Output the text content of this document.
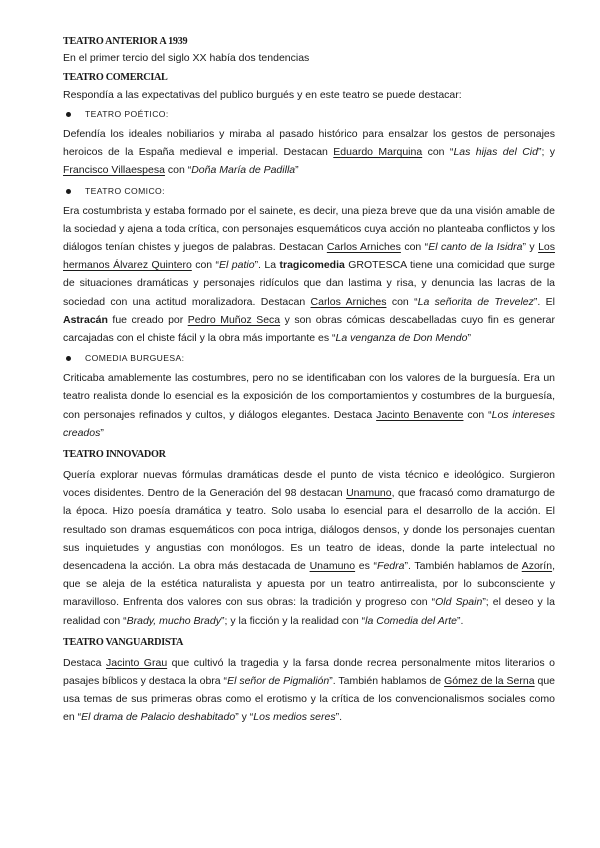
TEATRO ANTERIOR A 1939

En el primer tercio del siglo XX había dos tendencias

TEATRO COMERCIAL

Respondía a las expectativas del publico burgués y en este teatro se puede destacar:

TEATRO POÉTICO:

Defendía los ideales nobiliarios y miraba al pasado histórico para ensalzar los gestos de personajes heroicos de la España medieval e imperial. Destacan Eduardo Marquina con “Las hijas del Cid”; y Francisco Villaespesa con “Doña María de Padilla”

TEATRO COMICO:

Era costumbrista y estaba formado por el sainete, es decir, una pieza breve que da una visión amable de la sociedad y ajena a toda crítica, con personajes esquemáticos cuya acción no planteaba conflictos y los diálogos tenían chistes y juegos de palabras. Destacan Carlos Arniches con “El canto de la Isidra” y Los hermanos Álvarez Quintero con “El patio”. La tragicomedia GROTESCA tiene una comicidad que surge de situaciones dramáticas y personajes ridículos que dan lastima y risa, y denuncia las lacras de la sociedad con una actitud moralizadora. Destacan Carlos Arniches con “La señorita de Trevelez”. El Astracán fue creado por Pedro Muñoz Seca y son obras cómicas descabelladas cuyo fin es generar carcajadas con el chiste fácil y la obra más importante es “La venganza de Don Mendo”

COMEDIA BURGUESA:

Criticaba amablemente las costumbres, pero no se identificaban con los valores de la burguesía. Era un teatro realista donde lo esencial es la exposición de los comportamientos y costumbres de la burguesía, con personajes refinados y cultos, y diálogos elegantes. Destaca Jacinto Benavente con “Los intereses creados”

TEATRO INNOVADOR

Quería explorar nuevas fórmulas dramáticas desde el punto de vista técnico e ideológico. Surgieron voces disidentes. Dentro de la Generación del 98 destacan Unamuno, que fracasó como dramaturgo de la época. Hizo poesía dramática y teatro. Solo usaba lo esencial para el desarrollo de la acción. El resultado son dramas esquemáticos con poca intriga, diálogos densos, y donde los personajes cuentan sus inquietudes y angustias con monólogos. Es un teatro de ideas, donde la parte intelectual no desencadena la acción. La obra más destacada de Unamuno es “Fedra”. También hablamos de Azorín, que se aleja de la estética naturalista y apuesta por un teatro antirrealista, por lo subconsciente y maravilloso. Enfrenta dos valores con sus obras: la tradición y progreso con “Old Spain”; el deseo y la realidad con “Brady, mucho Brady”; y la ficción y la realidad con “la Comedia del Arte”.

TEATRO VANGUARDISTA

Destaca Jacinto Grau que cultivó la tragedia y la farsa donde recrea personalmente mitos literarios o pasajes bíblicos y destaca la obra “El señor de Pigmalión”. También hablamos de Gómez de la Serna que usa temas de sus primeras obras como el erotismo y la crítica de los convencionalismos sociales como en “El drama de Palacio deshabitado” y “Los medios seres”.
